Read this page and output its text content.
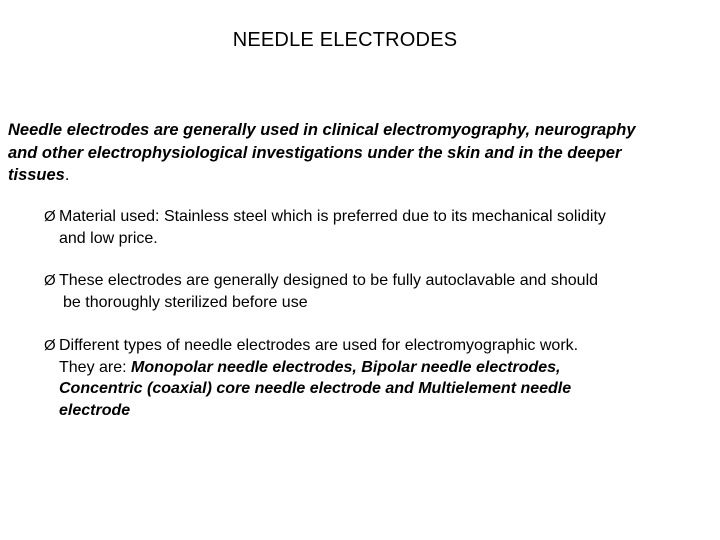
NEEDLE ELECTRODES
Needle electrodes are generally used in clinical electromyography, neurography
and other electrophysiological investigations under the skin and in the deeper
tissues.
Ø Material used: Stainless steel which is preferred due to its mechanical solidity
and low price.
Ø These electrodes are generally designed to be fully autoclavable and should
be thoroughly sterilized before use
Ø Different types of needle electrodes are used for electromyographic work.
They are: Monopolar needle electrodes, Bipolar needle electrodes,
Concentric (coaxial) core needle electrode and Multielement needle
electrode
